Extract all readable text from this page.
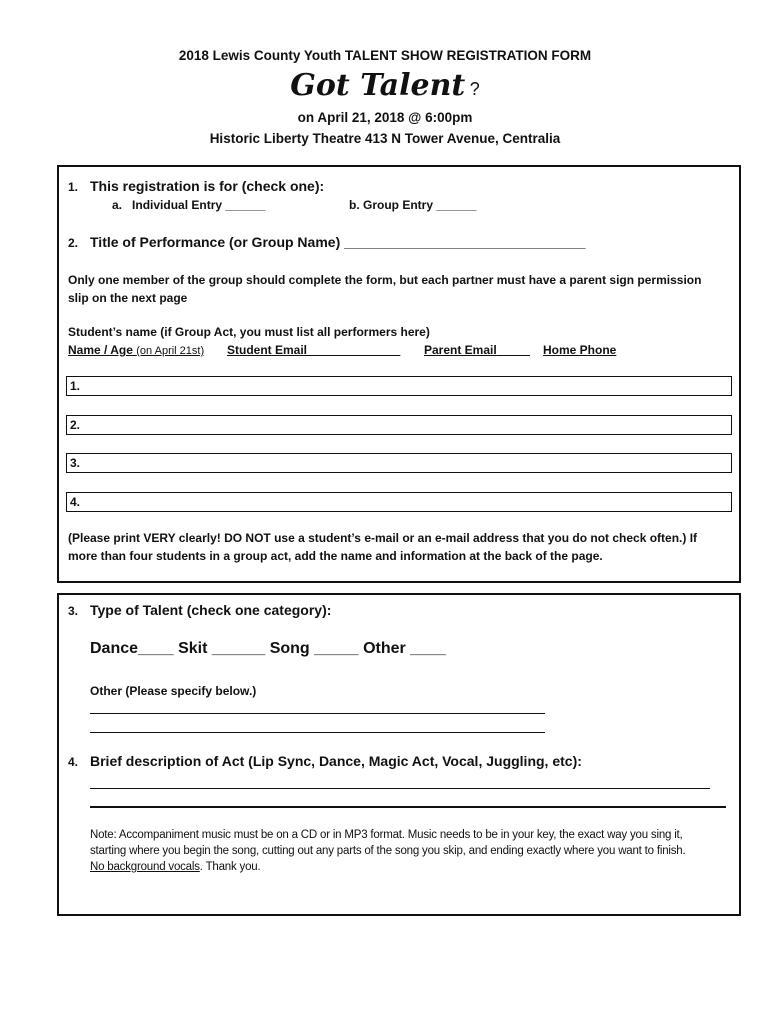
2018 Lewis County Youth TALENT SHOW REGISTRATION FORM
Got Talent ?
on April 21, 2018 @ 6:00pm
Historic Liberty Theatre 413 N Tower Avenue, Centralia
1. This registration is for (check one):
a. Individual Entry ______	b. Group Entry ______
2. Title of Performance (or Group Name) _______________________________
Only one member of the group should complete the form, but each partner must have a parent sign permission
slip on the next page
Student’s name (if Group Act, you must list all performers here)
Name / Age (on April 21st) Student Email	Parent Email	Home Phone
1.
2.
3.
4.
(Please print VERY clearly! DO NOT use a student’s e-mail or an e-mail address that you do not check often.) If
more than four students in a group act, add the name and information at the back of the page.
3. Type of Talent (check one category):
Dance____ Skit ______ Song _____ Other ____
Other (Please specify below.)
4. Brief description of Act (Lip Sync, Dance, Magic Act, Vocal, Juggling, etc):
Note: Accompaniment music must be on a CD or in MP3 format. Music needs to be in your key, the exact way you sing it,
starting where you begin the song, cutting out any parts of the song you skip, and ending exactly where you want to finish.
No background vocals. Thank you.
